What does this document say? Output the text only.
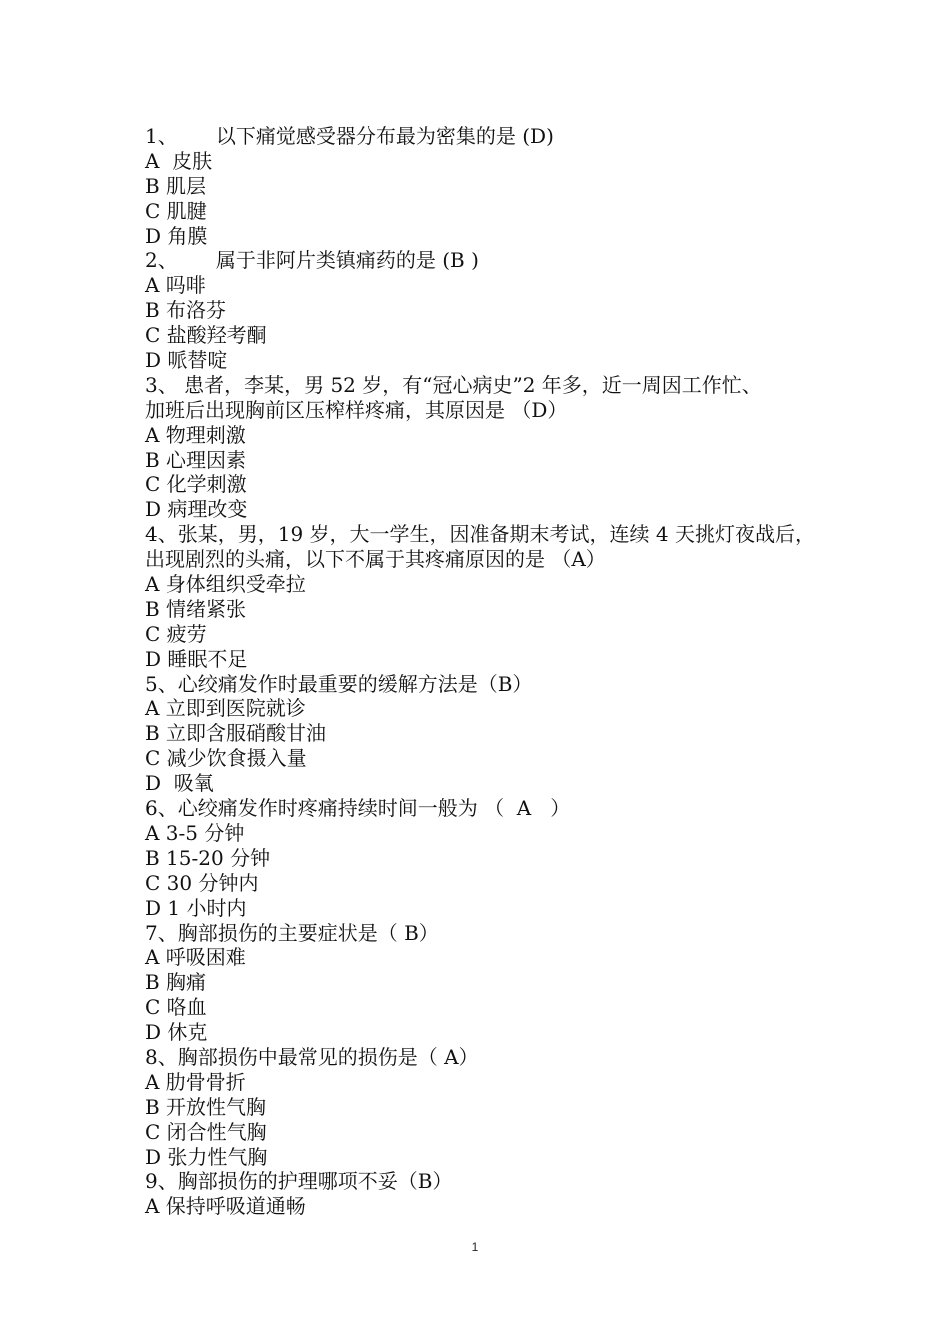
1、      以下痛觉感受器分布最为密集的是 (D)
A  皮肤
B 肌层
C 肌腱
D 角膜
2、      属于非阿片类镇痛药的是 (B )
A 吗啡
B 布洛芬
C 盐酸羟考酮
D 哌替啶
3、 患者，李某，男 52 岁，有“冠心病史”2 年多，近一周因工作忙、
加班后出现胸前区压榨样疼痛，其原因是 （D）
A 物理刺激
B 心理因素
C 化学刺激
D 病理改变
4、张某，男，19 岁，大一学生，因准备期末考试，连续 4 天挑灯夜战后，
出现剧烈的头痛，以下不属于其疼痛原因的是 （A）
A 身体组织受牵拉
B 情绪紧张
C 疲劳
D 睡眠不足
5、心绞痛发作时最重要的缓解方法是（B）
A 立即到医院就诊
B 立即含服硝酸甘油
C 减少饮食摄入量
D  吸氧
6、心绞痛发作时疼痛持续时间一般为 （  A   ）
A 3-5 分钟
B 15-20 分钟
C 30 分钟内
D 1 小时内
7、胸部损伤的主要症状是（ B）
A 呼吸困难
B 胸痛
C 咯血
D 休克
8、胸部损伤中最常见的损伤是（ A）
A 肋骨骨折
B 开放性气胸
C 闭合性气胸
D 张力性气胸
9、胸部损伤的护理哪项不妥（B）
A 保持呼吸道通畅
1
